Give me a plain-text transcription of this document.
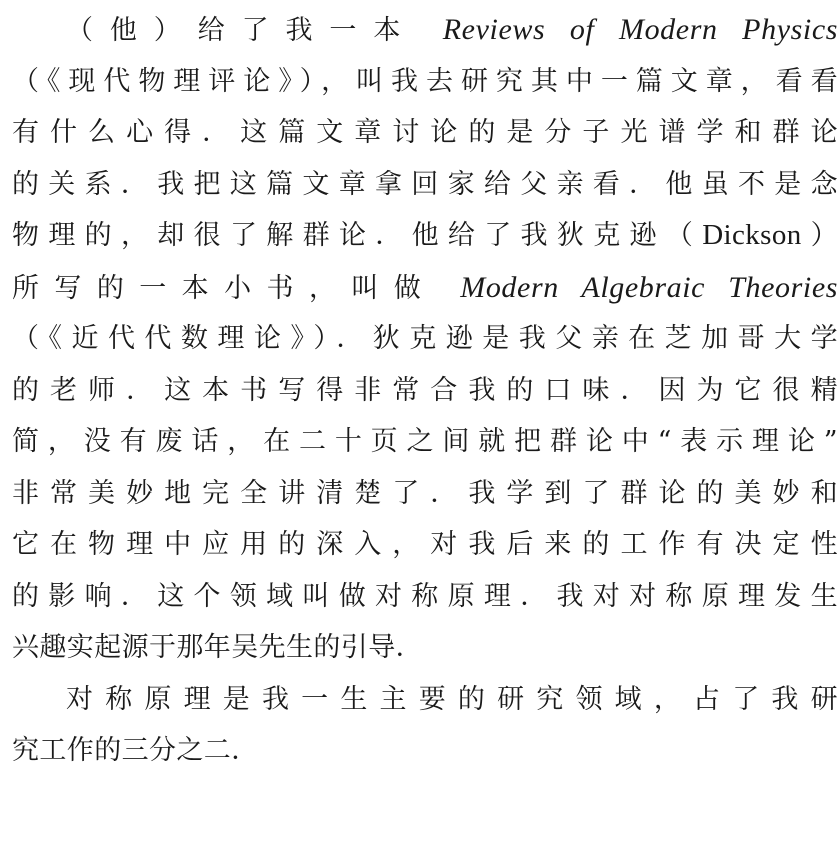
（他）给了我一本 Reviews of Modern Physics
（《现代物理评论》），叫我去研究其中一篇文章，看看
有什么心得．这篇文章讨论的是分子光谱学和群论
的关系．我把这篇文章拿回家给父亲看．他虽不是念
物理的，却很了解群论．他给了我狄克逊（Dickson）
所写的一本小书，叫做 Modern Algebraic Theories
（《近代代数理论》）．狄克逊是我父亲在芝加哥大学
的老师．这本书写得非常合我的口味．因为它很精
简，没有废话，在二十页之间就把群论中“表示理论”
非常美妙地完全讲清楚了．我学到了群论的美妙和
它在物理中应用的深入，对我后来的工作有决定性
的影响．这个领域叫做对称原理．我对对称原理发生
兴趣实起源于那年吴先生的引导．
对称原理是我一生主要的研究领域，占了我研
究工作的三分之二．
